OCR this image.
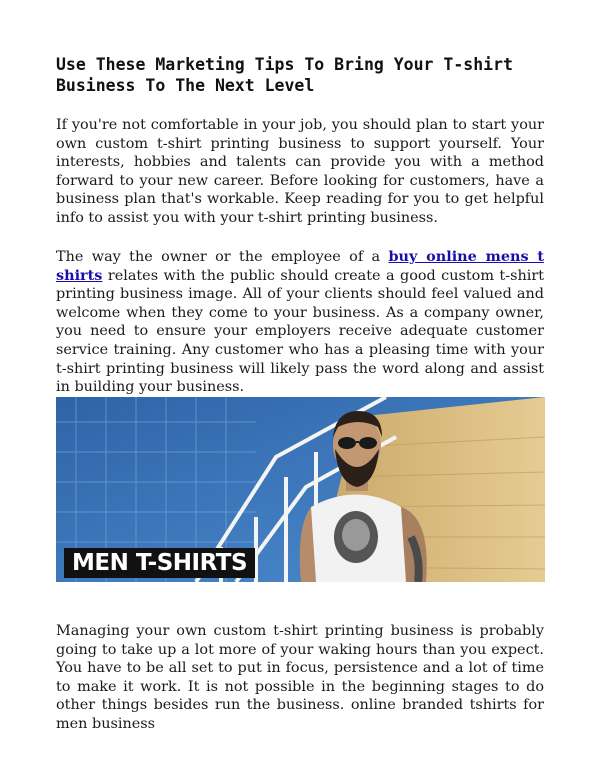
Use These Marketing Tips To Bring Your T-shirt Business To The Next Level

If you're not comfortable in your job, you should plan to start your own custom t-shirt printing business to support yourself. Your interests, hobbies and talents can provide you with a method forward to your new career. Before looking for customers, have a business plan that's workable. Keep reading for you to get helpful info to assist you with your t-shirt printing business.

The way the owner or the employee of a buy online mens t shirts relates with the public should create a good custom t-shirt printing business image. All of your clients should feel valued and welcome when they come to your business. As a company owner, you need to ensure your employers receive adequate customer service training. Any customer who has a pleasing time with your t-shirt printing business will likely pass the word along and assist in building your business.

MEN T-SHIRTS

Managing your own custom t-shirt printing business is probably going to take up a lot more of your waking hours than you expect. You have to be all set to put in focus, persistence and a lot of time to make it work. It is not possible in the beginning stages to do other things besides run the business. online branded tshirts for men business
